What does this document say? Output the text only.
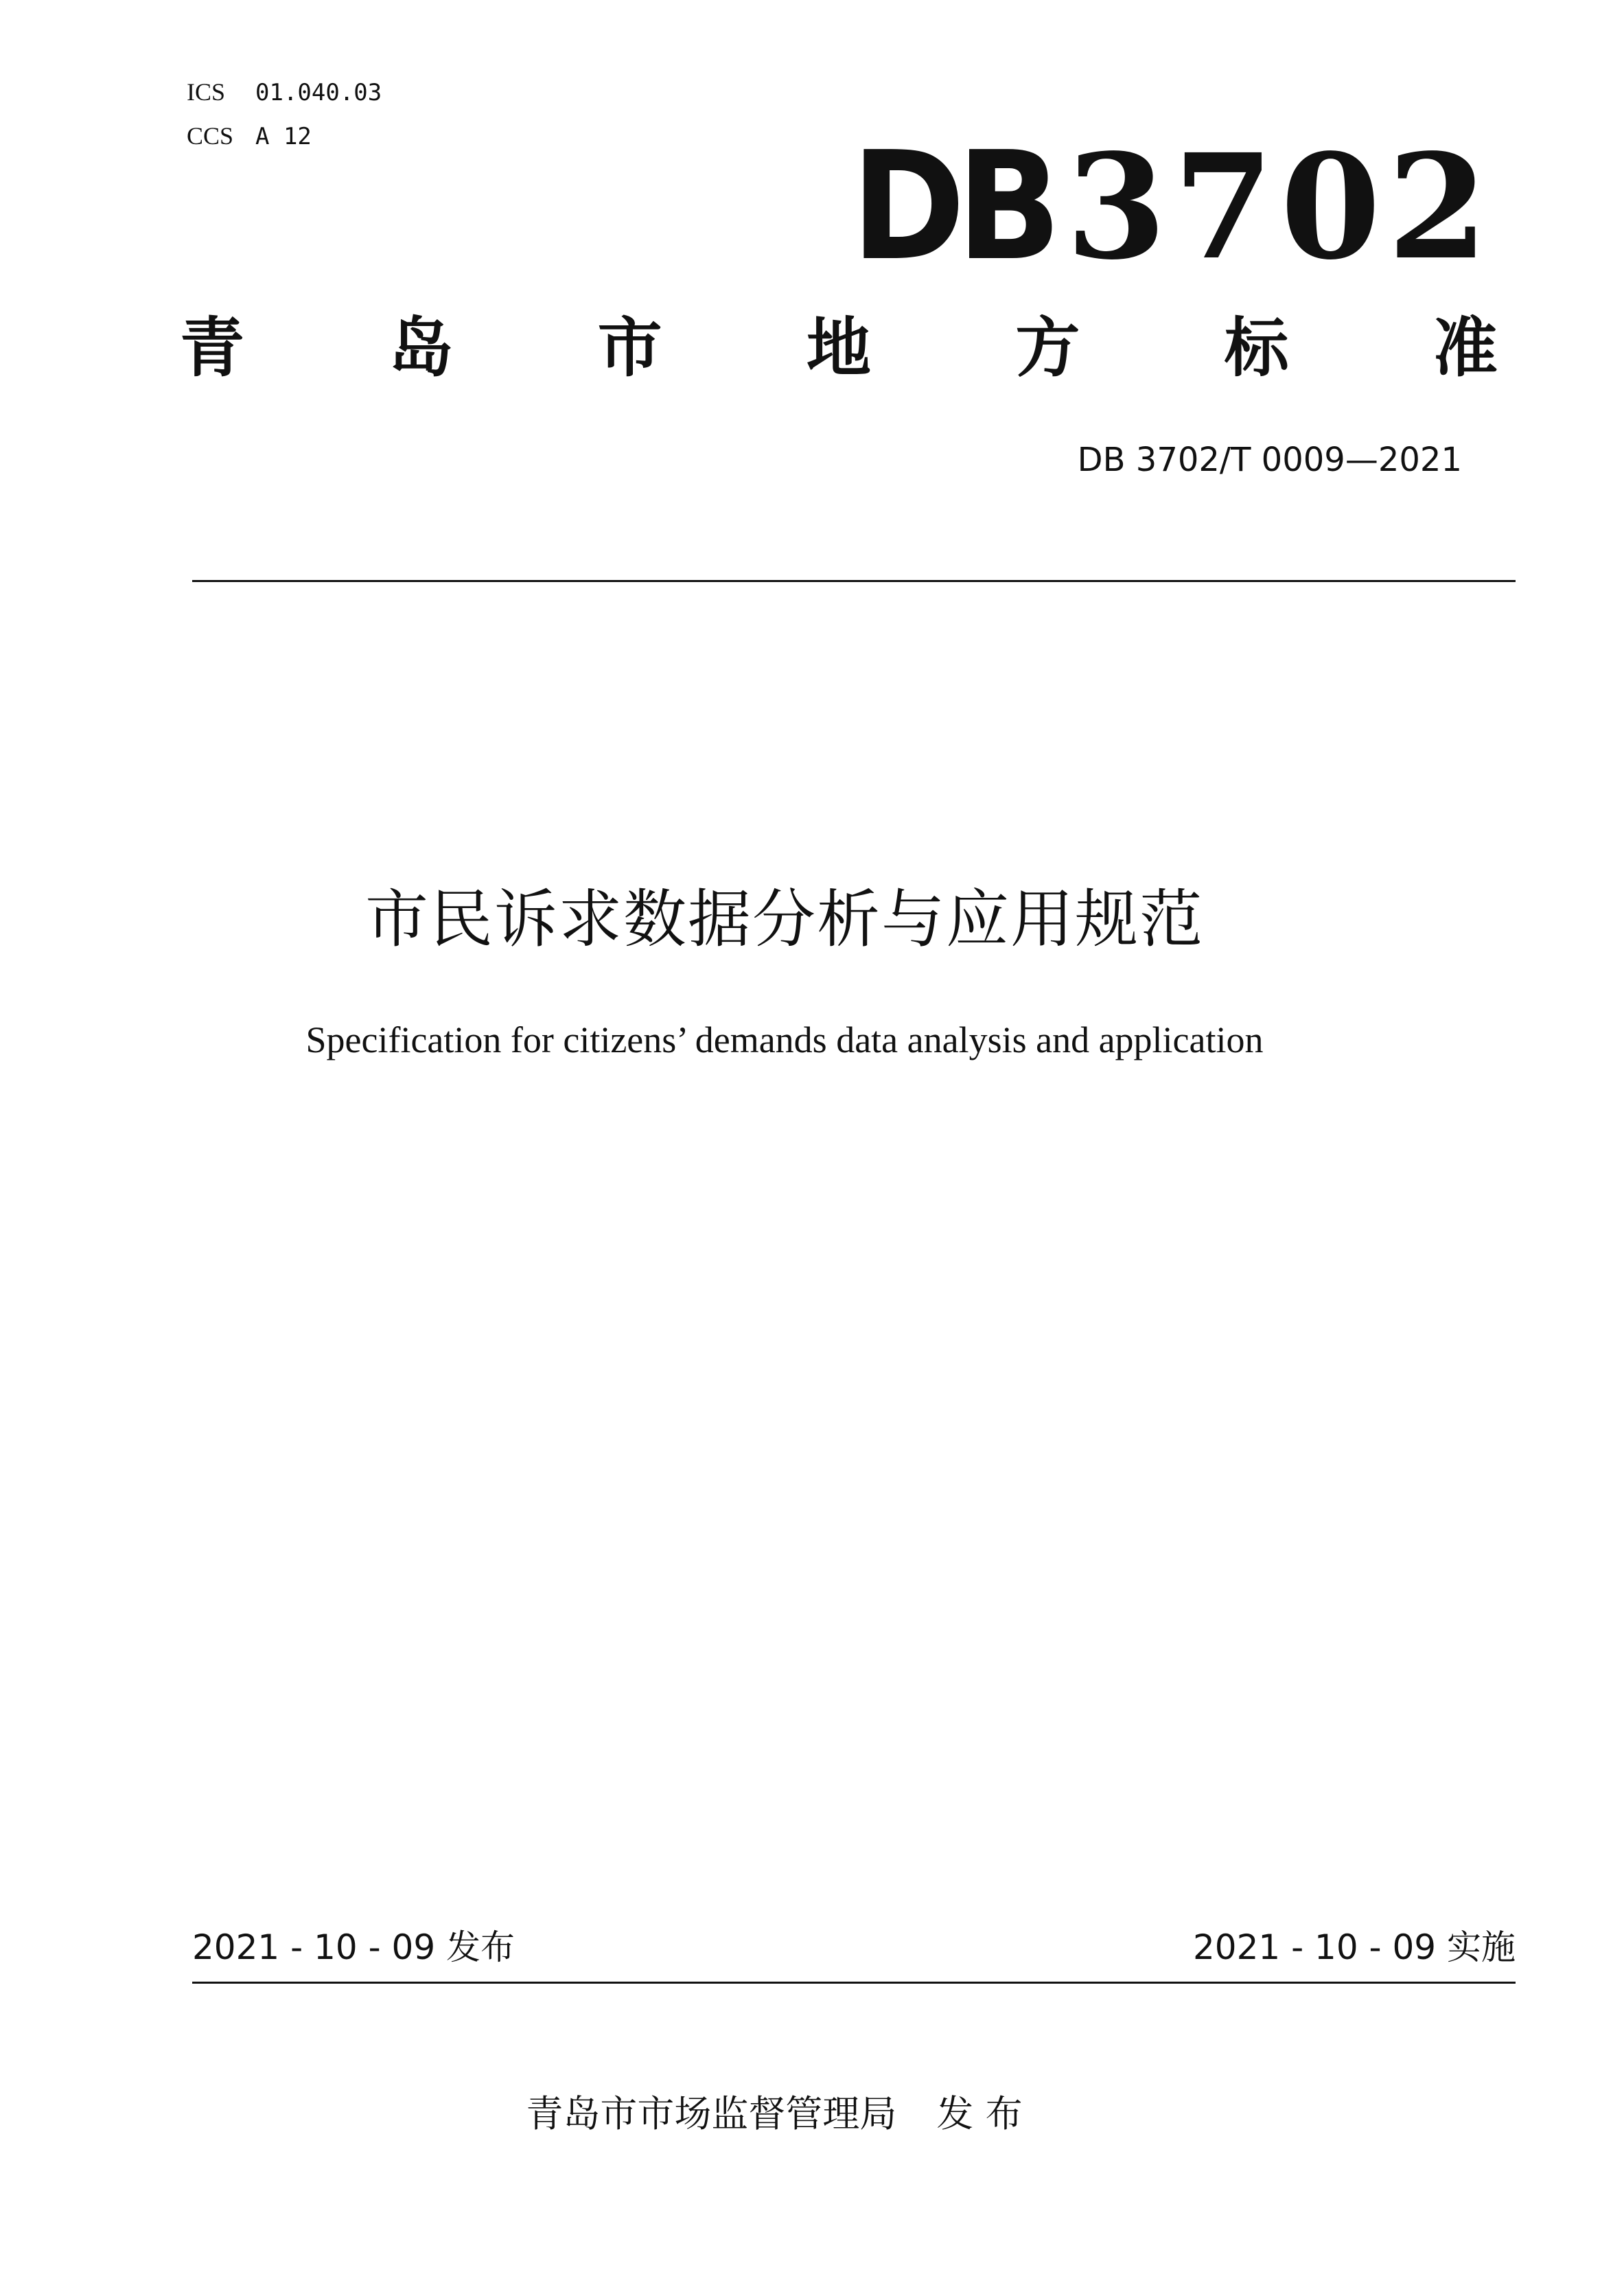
ICS 01.040.03
CCS A 12	DB 3702
青 岛 市 地 方 标 准
DB 3702/T 0009—2021
市民诉求数据分析与应用规范
Specification for citizens’ demands data analysis and application
2021 - 10 - 09 发布	2021 - 10 - 09 实施
青岛市市场监督管理局 发 布
